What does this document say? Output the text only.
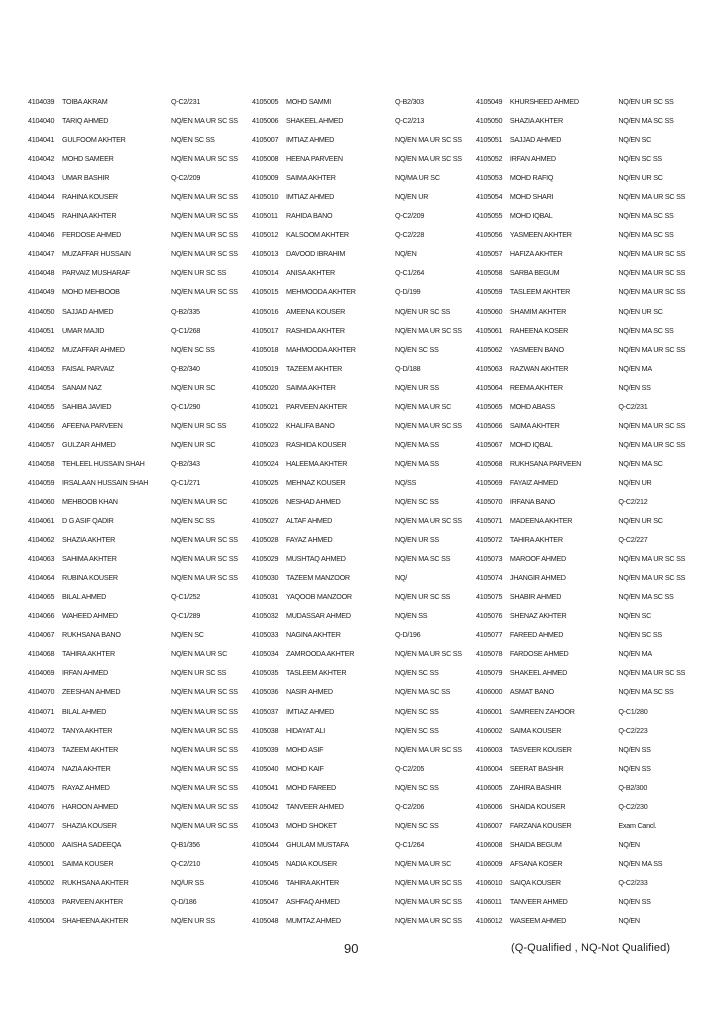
4104039	TOIBA AKRAM	Q-C2/231
4104040	TARIQ AHMED	NQ/EN MA UR SC SS
4104041	GULFOOM AKHTER	NQ/EN SC SS
4104042	MOHD SAMEER	NQ/EN MA UR SC SS
4104043	UMAR BASHIR	Q-C2/209
4104044	RAHINA KOUSER	NQ/EN MA UR SC SS
4104045	RAHINA AKHTER	NQ/EN MA UR SC SS
4104046	FERDOSE AHMED	NQ/EN MA UR SC SS
4104047	MUZAFFAR HUSSAIN	NQ/EN MA UR SC SS
4104048	PARVAIZ MUSHARAF	NQ/EN UR SC SS
4104049	MOHD MEHBOOB	NQ/EN MA UR SC SS
4104050	SAJJAD AHMED	Q-B2/335
4104051	UMAR MAJID	Q-C1/268
4104052	MUZAFFAR AHMED	NQ/EN SC SS
4104053	FAISAL PARVAIZ	Q-B2/340
4104054	SANAM NAZ	NQ/EN UR SC
4104055	SAHIBA JAVIED	Q-C1/290
4104056	AFEENA PARVEEN	NQ/EN UR SC SS
4104057	GULZAR AHMED	NQ/EN UR SC
4104058	TEHLEEL HUSSAIN SHAH	Q-B2/343
4104059	IRSALAAN HUSSAIN SHAH	Q-C1/271
4104060	MEHBOOB KHAN	NQ/EN MA UR SC
4104061	D G ASIF QADIR	NQ/EN SC SS
4104062	SHAZIA AKHTER	NQ/EN MA UR SC SS
4104063	SAHIMA AKHTER	NQ/EN MA UR SC SS
4104064	RUBINA KOUSER	NQ/EN MA UR SC SS
4104065	BILAL AHMED	Q-C1/252
4104066	WAHEED AHMED	Q-C1/289
4104067	RUKHSANA BANO	NQ/EN SC
4104068	TAHIRA AKHTER	NQ/EN MA UR SC
4104069	IRFAN AHMED	NQ/EN UR SC SS
4104070	ZEESHAN AHMED	NQ/EN MA UR SC SS
4104071	BILAL AHMED	NQ/EN MA UR SC SS
4104072	TANYA AKHTER	NQ/EN MA UR SC SS
4104073	TAZEEM AKHTER	NQ/EN MA UR SC SS
4104074	NAZIA AKHTER	NQ/EN MA UR SC SS
4104075	RAYAZ AHMED	NQ/EN MA UR SC SS
4104076	HAROON AHMED	NQ/EN MA UR SC SS
4104077	SHAZIA KOUSER	NQ/EN MA UR SC SS
4105000	AAISHA SADEEQA	Q-B1/356
4105001	SAIMA KOUSER	Q-C2/210
4105002	RUKHSANA AKHTER	NQ/UR SS
4105003	PARVEEN AKHTER	Q-D/186
4105004	SHAHEENA AKHTER	NQ/EN UR SS
4105005	MOHD SAMMI	Q-B2/303
4105006	SHAKEEL AHMED	Q-C2/213
4105007	IMTIAZ AHMED	NQ/EN MA UR SC SS
4105008	HEENA PARVEEN	NQ/EN MA UR SC SS
4105009	SAIMA AKHTER	NQ/MA UR SC
4105010	IMTIAZ AHMED	NQ/EN UR
4105011	RAHIDA BANO	Q-C2/209
4105012	KALSOOM AKHTER	Q-C2/228
4105013	DAVOOD IBRAHIM	NQ/EN
4105014	ANISA AKHTER	Q-C1/264
4105015	MEHMOODA AKHTER	Q-D/199
4105016	AMEENA KOUSER	NQ/EN UR SC SS
4105017	RASHIDA AKHTER	NQ/EN MA UR SC SS
4105018	MAHMOODA AKHTER	NQ/EN SC SS
4105019	TAZEEM AKHTER	Q-D/188
4105020	SAIMA AKHTER	NQ/EN UR SS
4105021	PARVEEN AKHTER	NQ/EN MA UR SC
4105022	KHALIFA BANO	NQ/EN MA UR SC SS
4105023	RASHIDA KOUSER	NQ/EN MA SS
4105024	HALEEMA AKHTER	NQ/EN MA SS
4105025	MEHNAZ KOUSER	NQ/SS
4105026	NESHAD AHMED	NQ/EN SC SS
4105027	ALTAF AHMED	NQ/EN MA UR SC SS
4105028	FAYAZ AHMED	NQ/EN UR SS
4105029	MUSHTAQ AHMED	NQ/EN MA SC SS
4105030	TAZEEM MANZOOR	NQ/
4105031	YAQOOB MANZOOR	NQ/EN UR SC SS
4105032	MUDASSAR AHMED	NQ/EN SS
4105033	NAGINA AKHTER	Q-D/196
4105034	ZAMROODA AKHTER	NQ/EN MA UR SC SS
4105035	TASLEEM AKHTER	NQ/EN SC SS
4105036	NASIR AHMED	NQ/EN MA SC SS
4105037	IMTIAZ AHMED	NQ/EN SC SS
4105038	HIDAYAT ALI	NQ/EN SC SS
4105039	MOHD ASIF	NQ/EN MA UR SC SS
4105040	MOHD KAIF	Q-C2/205
4105041	MOHD FAREED	NQ/EN SC SS
4105042	TANVEER AHMED	Q-C2/206
4105043	MOHD SHOKET	NQ/EN SC SS
4105044	GHULAM MUSTAFA	Q-C1/264
4105045	NADIA KOUSER	NQ/EN MA UR SC
4105046	TAHIRA AKHTER	NQ/EN MA UR SC SS
4105047	ASHFAQ AHMED	NQ/EN MA UR SC SS
4105048	MUMTAZ AHMED	NQ/EN MA UR SC SS
4105049	KHURSHEED AHMED	NQ/EN UR SC SS
4105050	SHAZIA AKHTER	NQ/EN MA SC SS
4105051	SAJJAD AHMED	NQ/EN SC
4105052	IRFAN AHMED	NQ/EN SC SS
4105053	MOHD RAFIQ	NQ/EN UR SC
4105054	MOHD SHARI	NQ/EN MA UR SC SS
4105055	MOHD IQBAL	NQ/EN MA SC SS
4105056	YASMEEN AKHTER	NQ/EN MA SC SS
4105057	HAFIZA AKHTER	NQ/EN MA UR SC SS
4105058	SARBA BEGUM	NQ/EN MA UR SC SS
4105059	TASLEEM AKHTER	NQ/EN MA UR SC SS
4105060	SHAMIM AKHTER	NQ/EN UR SC
4105061	RAHEENA KOSER	NQ/EN MA SC SS
4105062	YASMEEN BANO	NQ/EN MA UR SC SS
4105063	RAZWAN AKHTER	NQ/EN MA
4105064	REEMA AKHTER	NQ/EN SS
4105065	MOHD ABASS	Q-C2/231
4105066	SAIMA AKHTER	NQ/EN MA UR SC SS
4105067	MOHD IQBAL	NQ/EN MA UR SC SS
4105068	RUKHSANA PARVEEN	NQ/EN MA SC
4105069	FAYAIZ AHMED	NQ/EN UR
4105070	IRFANA BANO	Q-C2/212
4105071	MADEENA AKHTER	NQ/EN UR SC
4105072	TAHIRA AKHTER	Q-C2/227
4105073	MAROOF AHMED	NQ/EN MA UR SC SS
4105074	JHANGIR AHMED	NQ/EN MA UR SC SS
4105075	SHABIR AHMED	NQ/EN MA SC SS
4105076	SHENAZ AKHTER	NQ/EN SC
4105077	FAREED AHMED	NQ/EN SC SS
4105078	FARDOSE AHMED	NQ/EN MA
4105079	SHAKEEL AHMED	NQ/EN MA UR SC SS
4106000	ASMAT BANO	NQ/EN MA SC SS
4106001	SAMREEN ZAHOOR	Q-C1/280
4106002	SAIMA KOUSER	Q-C2/223
4106003	TASVEER KOUSER	NQ/EN SS
4106004	SEERAT BASHIR	NQ/EN SS
4106005	ZAHIRA BASHIR	Q-B2/300
4106006	SHAIDA KOUSER	Q-C2/230
4106007	FARZANA KOUSER	Exam Cancl.
4106008	SHAIDA BEGUM	NQ/EN
4106009	AFSANA KOSER	NQ/EN MA SS
4106010	SAIQA KOUSER	Q-C2/233
4106011	TANVEER AHMED	NQ/EN SS
4106012	WASEEM AHMED	NQ/EN
90	(Q-Qualified , NQ-Not Qualified)
